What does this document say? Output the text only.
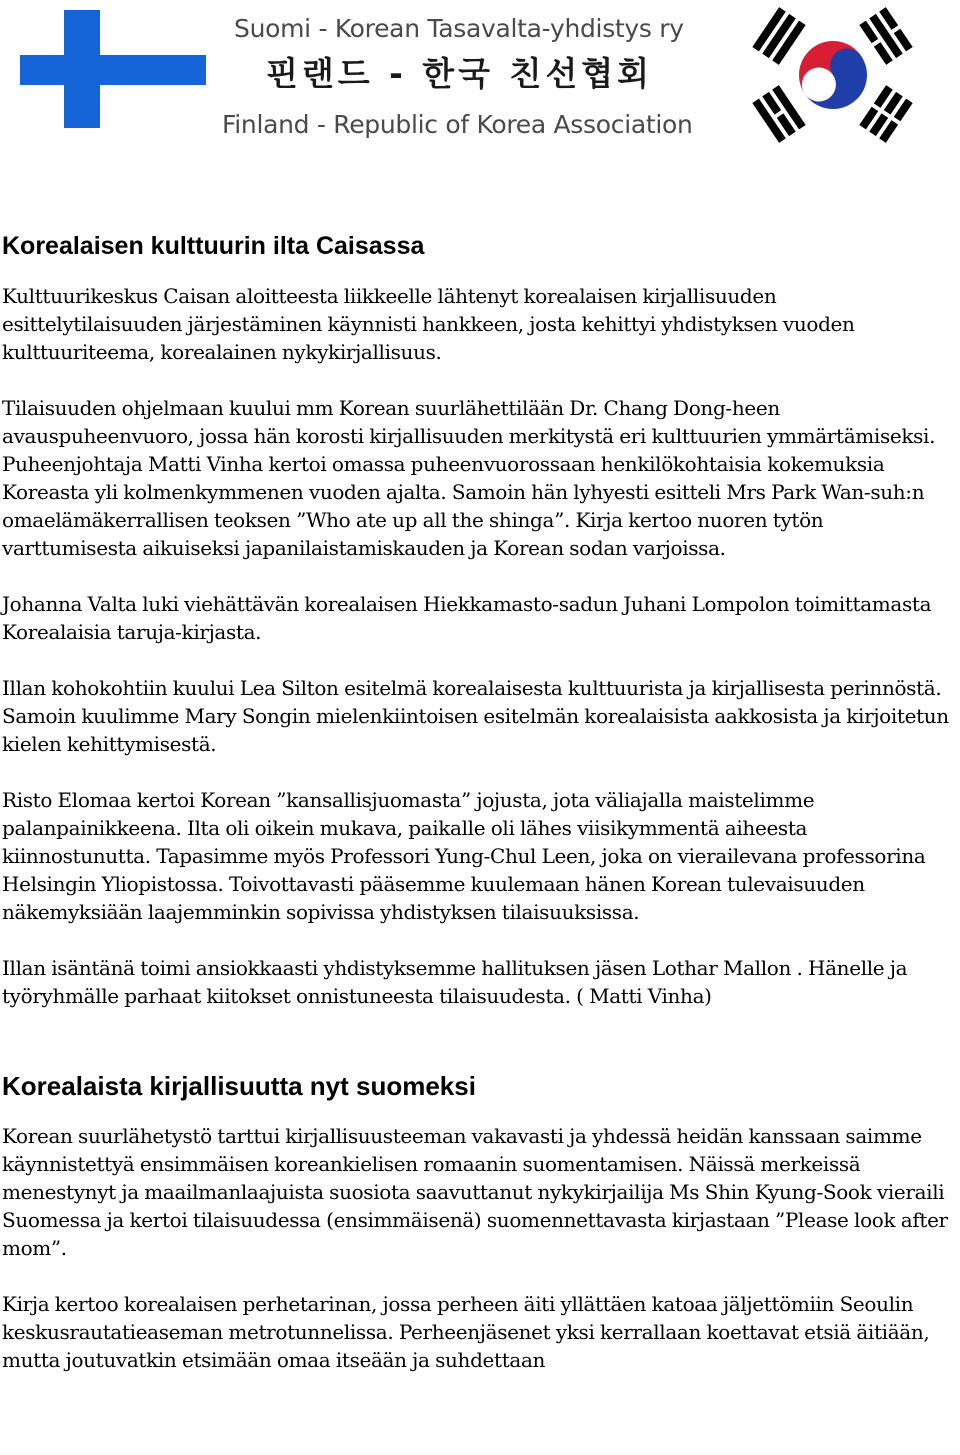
Suomi - Korean Tasavalta-yhdistys ry
핀랜드 - 한국 친선협회
Finland - Republic of Korea Association
Korealaisen kulttuurin ilta Caisassa

Kulttuurikeskus Caisan aloitteesta liikkeelle lähtenyt korealaisen kirjallisuuden esittelytilaisuuden järjestäminen käynnisti hankkeen, josta kehittyi yhdistyksen vuoden kulttuuriteema, korealainen nykykirjallisuus.

Tilaisuuden ohjelmaan kuului mm Korean suurlähettilään Dr. Chang Dong-heen avauspuheenvuoro, jossa hän korosti kirjallisuuden merkitystä eri kulttuurien ymmärtämiseksi. Puheenjohtaja Matti Vinha kertoi omassa puheenvuorossaan henkilökohtaisia kokemuksia Koreasta yli kolmenkymmenen vuoden ajalta. Samoin hän lyhyesti esitteli Mrs Park Wan-suh:n omaelämäkerrallisen teoksen ”Who ate up all the shinga”. Kirja kertoo nuoren tytön varttumisesta aikuiseksi japanilaistamiskauden ja Korean sodan varjoissa.

Johanna Valta luki viehättävän korealaisen Hiekkamasto-sadun Juhani Lompolon toimittamasta Korealaisia taruja-kirjasta.

Illan kohokohtiin kuului Lea Silton esitelmä korealaisesta kulttuurista ja kirjallisesta perinnöstä. Samoin kuulimme Mary Songin mielenkiintoisen esitelmän korealaisista aakkosista ja kirjoitetun kielen kehittymisestä.

Risto Elomaa kertoi Korean ”kansallisjuomasta” jojusta, jota väliajalla maistelimme palanpainikkeena. Ilta oli oikein mukava, paikalle oli lähes viisikymmentä aiheesta kiinnostunutta. Tapasimme myös Professori Yung-Chul Leen, joka on vierailevana professorina Helsingin Yliopistossa. Toivottavasti pääsemme kuulemaan hänen Korean tulevaisuuden näkemyksiään laajemminkin sopivissa yhdistyksen tilaisuuksissa.

Illan isäntänä toimi ansiokkaasti yhdistyksemme hallituksen jäsen Lothar Mallon . Hänelle ja työryhmälle parhaat kiitokset onnistuneesta tilaisuudesta. ( Matti Vinha)

Korealaista kirjallisuutta nyt suomeksi

Korean suurlähetystö tarttui kirjallisuusteeman vakavasti ja yhdessä heidän kanssaan saimme käynnistettyä ensimmäisen koreankielisen romaanin suomentamisen. Näissä merkeissä menestynyt ja maailmanlaajuista suosiota saavuttanut nykykirjailija Ms Shin Kyung-Sook vieraili Suomessa ja kertoi tilaisuudessa (ensimmäisenä) suomennettavasta kirjastaan ”Please look after mom”.

Kirja kertoo korealaisen perhetarinan, jossa perheen äiti yllättäen katoaa jäljettömiin Seoulin keskusrautatieaseman metrotunnelissa. Perheenjäsenet yksi kerrallaan koettavat etsiä äitiään, mutta joutuvatkin etsimään omaa itseään ja suhdettaan
